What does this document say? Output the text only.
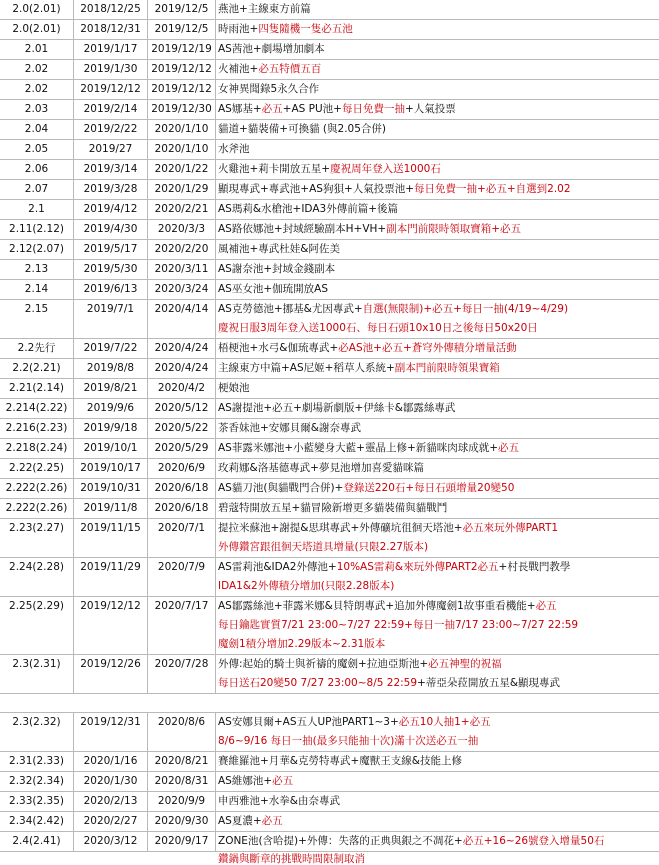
2.0(2.01) 2018/12/25 2019/12/5 燕池+主線東方前篇
2.0(2.01) 2018/12/31 2019/12/5 時雨池+四隻隨機一隻必五池
2.01	2019/1/17 2019/12/19 AS茜池+劇場增加劇本
2.02	2019/1/30 2019/12/12 火補池+必五特價五百
2.02	2019/12/12 2019/12/12 女神異聞錄5永久合作
2.03	2019/2/14 2019/12/30 AS娜基+必五+AS PU池+每日免費一抽+人氣投票
2.04	2019/2/22 2020/1/10 貓道+貓裝備+可換貓 (與2.05合併)
2.05	2019/27 2020/1/10 水斧池
2.06	2019/3/14 2020/1/22 火雞池+莉卡開放五星+慶祝周年登入送1000石
2.07	2019/3/28 2020/1/29 顯現專武+專武池+AS狗狽+人氣投票池+每日免費一抽+必五+自選到2.02
2.1	2019/4/12 2020/2/21 AS瑪莉&水槍池+IDA3外傳前篇+後篇
2.11(2.12) 2019/4/30 2020/3/3 AS路依娜池+封域經驗副本H+VH+副本門前限時領取寶箱+必五
2.12(2.07) 2019/5/17 2020/2/20 風補池+專武杜娃&阿佐美
2.13	2019/5/30 2020/3/11 AS謝奈池+封域金錢副本
2.14	2019/6/13 2020/3/24 AS巫女池+伽琉開放AS
2.15	2019/7/1 2020/4/14 AS克勞德池+挪基&尤因專武+自選(無限制)+必五+每日一抽(4/19~4/29)
慶祝日服3周年登入送1000石、每日石頭10x10日之後每日50x20日
2.2先行	2019/7/22 2020/4/24 梧梗池+水弓&伽琉專武+必AS池+必五+蒼穹外傳積分增量活動
2.2(2.21)	2019/8/8 2020/4/24 主線東方中篇+AS尼姬+稻草人系統+副本門前限時領果寶箱
2.21(2.14) 2019/8/21 2020/4/2 梗娘池
2.214(2.22) 2019/9/6 2020/5/12 AS謝提池+必五+劇場新劇版+伊絲卡&鄒露絲專武
2.216(2.23) 2019/9/18 2020/5/22 茶香妹池+安娜貝爾&謝奈專武
2.218(2.24) 2019/10/1 2020/5/29 AS菲露米娜池+小藍變身大藍+靈晶上修+新貓咪肉球成就+必五
2.22(2.25) 2019/10/17 2020/6/9 玫莉娜&洛基德專武+夢見池增加喜愛貓咪篇
2.222(2.26) 2019/10/31 2020/6/18 AS貓刀池(與貓戰門合併)+登錄送220石+每日石頭增量20變50
2.222(2.26) 2019/11/8 2020/6/18 碧蔻特開放五星+貓冒險新增更多貓裝備與貓戰鬥
2.23(2.27) 2019/11/15 2020/7/1 提拉米蘇池+謝提&思琪專武+外傳礦坑徂徊天塔池+必五來玩外傳PART1
外傳鑽宮跟徂徊天塔道具增量(只限2.27版本)
2.24(2.28) 2019/11/29 2020/7/9 AS雷莉池&IDA2外傳池+10%AS雷莉&來玩外傳PART2必五+村長戰門教學
IDA1&2外傳積分增加(只限2.28版本)
2.25(2.29) 2019/12/12 2020/7/17 AS鄒露絲池+菲露米娜&貝特朗專武+追加外傳魔劍1故事重看機能+必五
每日鑰匙實質7/21 23:00~7/27 22:59+每日一抽7/17 23:00~7/27 22:59
魔劍1積分增加2.29版本~2.31版本
2.3(2.31) 2019/12/26 2020/7/28 外傳:起始的騎士與祈禱的魔劍+拉迪亞斯池+必五神聖的祝福
每日送石20變50 7/27 23:00~8/5 22:59+蒂亞朵菈開放五星&顯現專武
2.3(2.32) 2019/12/31 2020/8/6 AS安娜貝爾+AS五人UP池PART1~3+必五10人抽1+必五
8/6~9/16 每日一抽(最多只能抽十次)滿十次送必五一抽
2.31(2.33) 2020/1/16 2020/8/21 賽維羅池+月華&克勞特專武+魔獸王支線&技能上修
2.32(2.34) 2020/1/30 2020/8/31 AS維娜池+必五
2.33(2.35) 2020/2/13 2020/9/9 申西雅池+水拳&由奈專武
2.34(2.42) 2020/2/27 2020/9/30 AS夏濃+必五
2.4(2.41) 2020/3/12 2020/9/17 ZONE池(含哈提)+外傳：失落的正典與銀之不凋花+必五+16~26號登入增量50石
鑽鍋與斷章的挑戰時間限制取消
